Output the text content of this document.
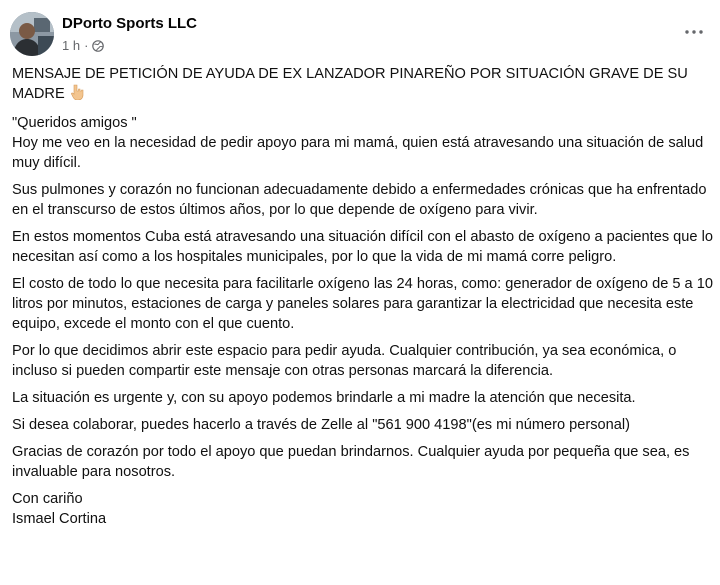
DPorto Sports LLC
1 h ·

MENSAJE DE PETICIÓN DE AYUDA DE EX LANZADOR PINAREÑO POR SITUACIÓN GRAVE DE SU MADRE

"Queridos amigos "

Hoy me veo en la necesidad de pedir apoyo para mi mamá, quien está atravesando una situación de salud muy difícil.

Sus pulmones y corazón no funcionan adecuadamente debido a enfermedades crónicas que ha enfrentado en el transcurso de estos últimos años, por lo que depende de oxígeno para vivir.

En estos momentos Cuba está atravesando una situación difícil con el abasto de oxígeno a pacientes que lo necesitan así como a los hospitales municipales, por lo que la vida de mi mamá corre peligro.

El costo de todo lo que necesita para facilitarle oxígeno las 24 horas, como: generador de oxígeno de 5 a 10 litros por minutos, estaciones de carga y paneles solares para garantizar la electricidad que necesita este equipo, excede el monto con el que cuento.

Por lo que decidimos abrir este espacio para pedir ayuda. Cualquier contribución, ya sea económica, o incluso si pueden compartir este mensaje con otras personas marcará la diferencia.

La situación es urgente y, con su apoyo podemos brindarle a mi madre la atención que necesita.

Si desea colaborar, puedes hacerlo a través de Zelle al "561 900 4198"(es mi número personal)

Gracias de corazón por todo el apoyo que puedan brindarnos. Cualquier ayuda por pequeña que sea, es invaluable para nosotros.

Con cariño

Ismael Cortina
